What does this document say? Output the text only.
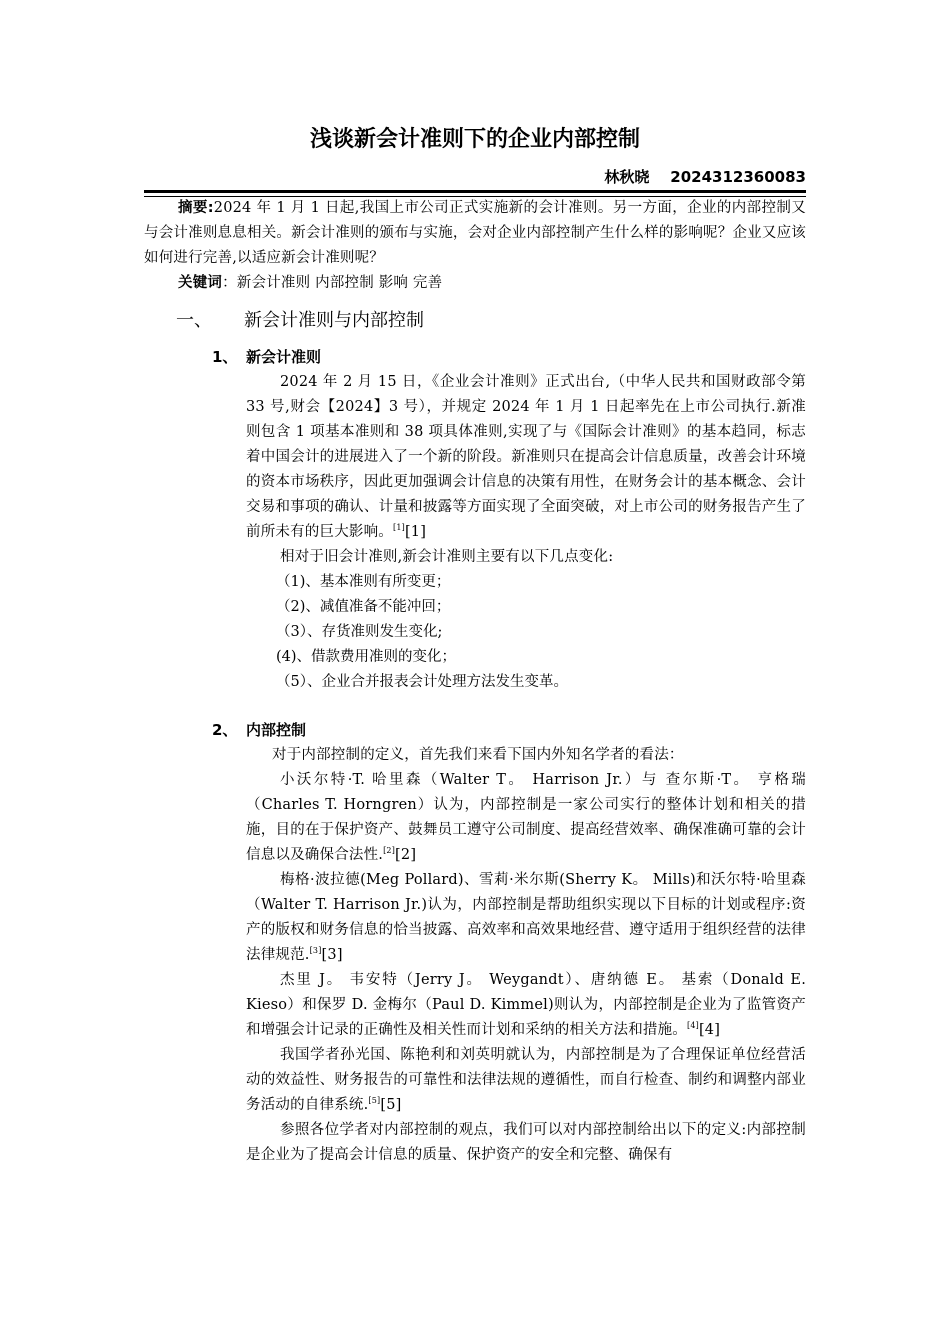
浅谈新会计准则下的企业内部控制
林秋晓    2024312360083

摘要:2024 年 1 月 1 日起,我国上市公司正式实施新的会计准则。另一方面，企业的内部控制又与会计准则息息相关。新会计准则的颁布与实施，会对企业内部控制产生什么样的影响呢？企业又应该如何进行完善,以适应新会计准则呢？

关键词：新会计准则 内部控制 影响 完善

一、 新会计准则与内部控制
1、 新会计准则

2024 年 2 月 15 日，《企业会计准则》正式出台,（中华人民共和国财政部令第 33 号,财会【2024】3 号），并规定 2024 年 1 月 1 日起率先在上市公司执行.新准则包含 1 项基本准则和 38 项具体准则,实现了与《国际会计准则》的基本趋同，标志着中国会计的进展进入了一个新的阶段。新准则只在提高会计信息质量，改善会计环境的资本市场秩序，因此更加强调会计信息的决策有用性，在财务会计的基本概念、会计交易和事项的确认、计量和披露等方面实现了全面突破，对上市公司的财务报告产生了前所未有的巨大影响。[1][1]

相对于旧会计准则,新会计准则主要有以下几点变化:

（1)、基本准则有所变更；

（2)、减值准备不能冲回；

（3）、存货准则发生变化;

(4)、借款费用准则的变化；

（5）、企业合并报表会计处理方法发生变革。

2、 内部控制

对于内部控制的定义，首先我们来看下国内外知名学者的看法：

小沃尔特·T. 哈里森（Walter T。 Harrison Jr.）与 查尔斯·T。 亨格瑞（Charles T. Horngren）认为，内部控制是一家公司实行的整体计划和相关的措施，目的在于保护资产、鼓舞员工遵守公司制度、提高经营效率、确保准确可靠的会计信息以及确保合法性.[2][2]

梅格·波拉德(Meg Pollard)、雪莉·米尔斯(Sherry K。 Mills)和沃尔特·哈里森（Walter T. Harrison Jr.)认为，内部控制是帮助组织实现以下目标的计划或程序:资产的版权和财务信息的恰当披露、高效率和高效果地经营、遵守适用于组织经营的法律法律规范.[3][3]

杰里 J。 韦安特（Jerry J。 Weygandt）、唐纳德 E。 基索（Donald E. Kieso）和保罗 D. 金梅尔（Paul D. Kimmel)则认为，内部控制是企业为了监管资产和增强会计记录的正确性及相关性而计划和采纳的相关方法和措施。[4][4]

我国学者孙光国、陈艳利和刘英明就认为，内部控制是为了合理保证单位经营活动的效益性、财务报告的可靠性和法律法规的遵循性，而自行检查、制约和调整内部业务活动的自律系统.[5][5]

参照各位学者对内部控制的观点，我们可以对内部控制给出以下的定义:内部控制是企业为了提高会计信息的质量、保护资产的安全和完整、确保有
